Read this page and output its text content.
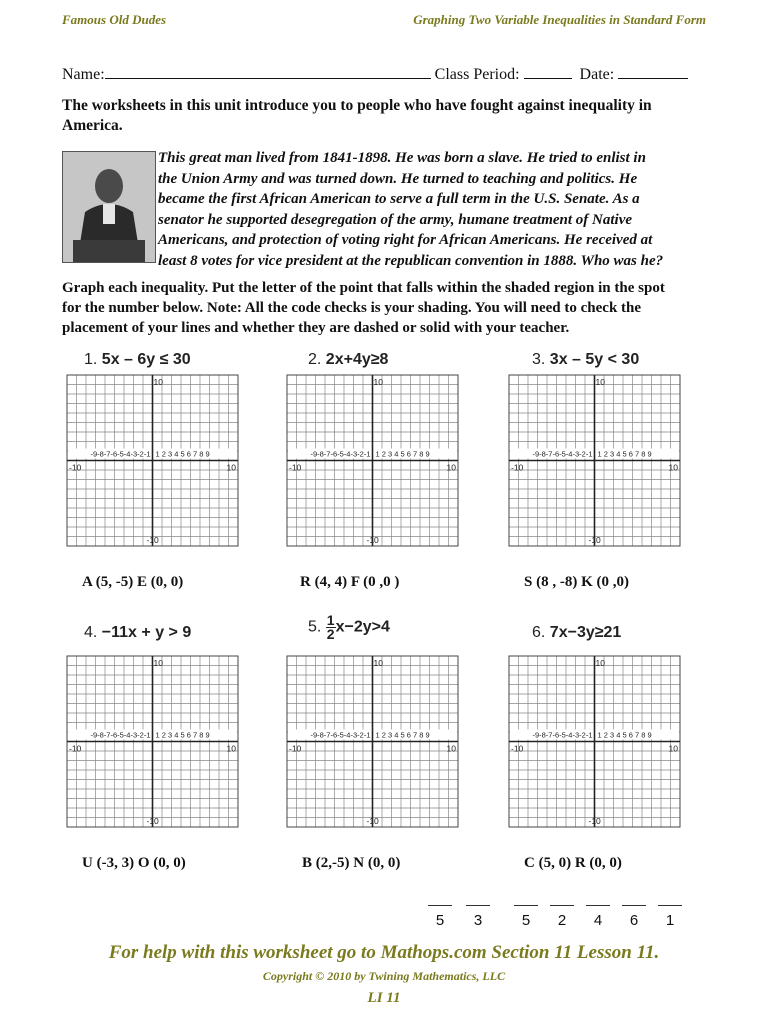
Famous Old Dudes	Graphing Two Variable Inequalities in Standard Form
Name:	Class Period:	Date:
The worksheets in this unit introduce you to people who have fought against inequality in America.
This great man lived from 1841-1898. He was born a slave. He tried to enlist in
the Union Army and was turned down. He turned to teaching and politics. He
became the first African American to serve a full term in the U.S. Senate. As a
senator he supported desegregation of the army, humane treatment of Native
Americans, and protection of voting right for African Americans. He received at
least 8 votes for vice president at the republican convention in 1888. Who was he?
Graph each inequality. Put the letter of the point that falls within the shaded region in the spot
for the number below. Note: All the code checks is your shading. You will need to check the
placement of your lines and whether they are dashed or solid with your teacher.
1. 5x – 6y ≤ 30	2. 2x+4y≥8	3. 3x – 5y < 30
4. −11x + y > 9	5. $\frac{1}{2} x-2y>4$	6. 7x−3y≥21
-9-8-7-6-5-4-3-2-1 1 2 3 4 5 6 7 8 9
-10	10
10
-10
-9-8-7-6-5-4-3-2-1 1 2 3 4 5 6 7 8 9
-10	10
10
-10
-9-8-7-6-5-4-3-2-1 1 2 3 4 5 6 7 8 9
-10	10
10
-10
-9-8-7-6-5-4-3-2-1 1 2 3 4 5 6 7 8 9
-10	10
10
-10
-9-8-7-6-5-4-3-2-1 1 2 3 4 5 6 7 8 9
-10	10
10
-10
-9-8-7-6-5-4-3-2-1 1 2 3 4 5 6 7 8 9
-10	10
10
-10
A (5, -5) E (0, 0)	R (4, 4) F (0 ,0 )	S (8 , -8) K (0 ,0)
U (-3, 3) O (0, 0)	B (2,-5) N (0, 0)	C (5, 0) R (0, 0)
5	3	5	2	4	6	1
For help with this worksheet go to Mathops.com Section 11 Lesson 11.
Copyright © 2010 by Twining Mathematics, LLC
LI 11
